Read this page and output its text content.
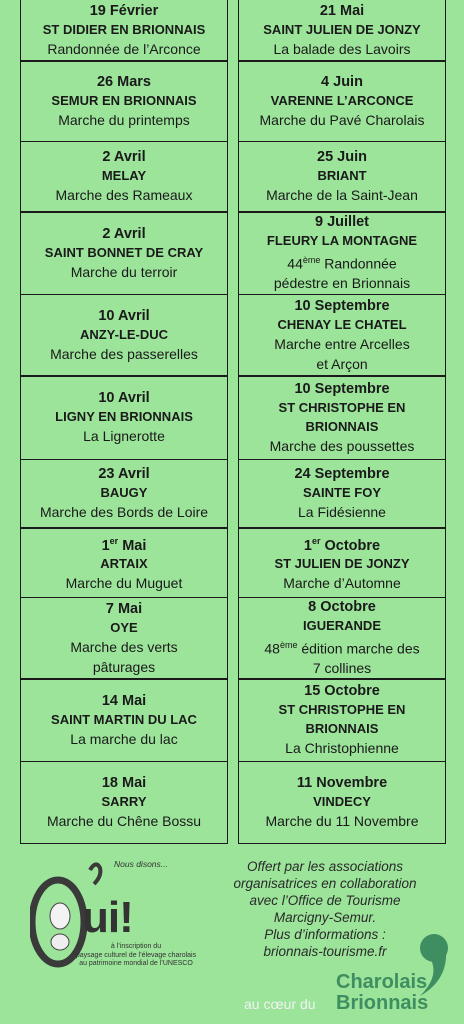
19 Février
ST DIDIER EN BRIONNAIS
Randonnée de l’Arconce
21 Mai
SAINT JULIEN DE JONZY
La balade des Lavoirs
26 Mars
SEMUR EN BRIONNAIS
Marche du printemps
4 Juin
VARENNE L’ARCONCE
Marche du Pavé Charolais
2 Avril
MELAY
Marche des Rameaux
25 Juin
BRIANT
Marche de la Saint-Jean
2 Avril
SAINT BONNET DE CRAY
Marche du terroir
9 Juillet
FLEURY LA MONTAGNE
44ème Randonnée
pédestre en Brionnais
10 Avril
ANZY-LE-DUC
Marche des passerelles
10 Septembre
CHENAY LE CHATEL
Marche entre Arcelles
et Arçon
10 Avril
LIGNY EN BRIONNAIS
La Lignerotte
10 Septembre
ST CHRISTOPHE EN BRIONNAIS
Marche des poussettes
23 Avril
BAUGY
Marche des Bords de Loire
24 Septembre
SAINTE FOY
La Fidésienne
1er Mai
ARTAIX
Marche du Muguet
1er Octobre
ST JULIEN DE JONZY
Marche d’Automne
7 Mai
OYE
Marche des verts
pâturages
8 Octobre
IGUERANDE
48ème édition marche des
7 collines
14 Mai
SAINT MARTIN DU LAC
La marche du lac
15 Octobre
ST CHRISTOPHE EN BRIONNAIS
La Christophienne
18 Mai
SARRY
Marche du Chêne Bossu
11 Novembre
VINDECY
Marche du 11 Novembre
Nous disons...
ui!
à l’inscription du
paysage culturel de l’élevage charolais
au patrimoine mondial de l’UNESCO
Offert par les associations
organisatrices en collaboration
avec l’Office de Tourisme
Marcigny-Semur.
Plus d’informations :
brionnais-tourisme.fr
au cœur du
Charolais
Brionnais
